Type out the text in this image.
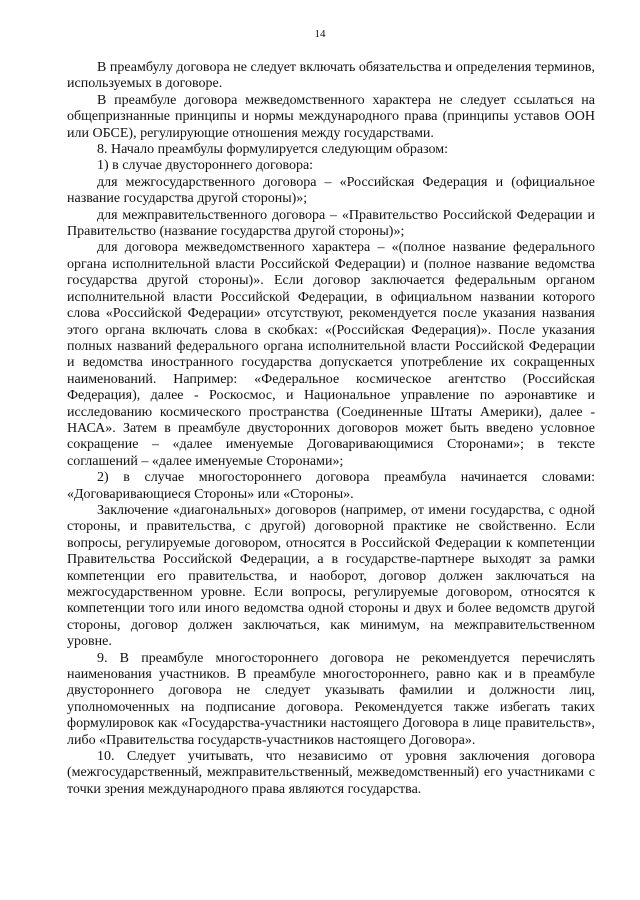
14

В преамбулу договора не следует включать обязательства и определения терминов, используемых в договоре.

В преамбуле договора межведомственного характера не следует ссылаться на общепризнанные принципы и нормы международного права (принципы уставов ООН или ОБСЕ), регулирующие отношения между государствами.

8. Начало преамбулы формулируется следующим образом:

1) в случае двустороннего договора:

для межгосударственного договора – «Российская Федерация и (официальное название государства другой стороны)»;

для межправительственного договора – «Правительство Российской Федерации и Правительство (название государства другой стороны)»;

для договора межведомственного характера – «(полное название федерального органа исполнительной власти Российской Федерации) и (полное название ведомства государства другой стороны)». Если договор заключается федеральным органом исполнительной власти Российской Федерации, в официальном названии которого слова «Российской Федерации» отсутствуют, рекомендуется после указания названия этого органа включать слова в скобках: «(Российская Федерация)». После указания полных названий федерального органа исполнительной власти Российской Федерации и ведомства иностранного государства допускается употребление их сокращенных наименований. Например: «Федеральное космическое агентство (Российская Федерация), далее - Роскосмос, и Национальное управление по аэронавтике и исследованию космического пространства (Соединенные Штаты Америки), далее - НАСА». Затем в преамбуле двусторонних договоров может быть введено условное сокращение – «далее именуемые Договаривающимися Сторонами»; в тексте соглашений – «далее именуемые Сторонами»;

2) в случае многостороннего договора преамбула начинается словами: «Договаривающиеся Стороны» или «Стороны».

Заключение «диагональных» договоров (например, от имени государства, с одной стороны, и правительства, с другой) договорной практике не свойственно. Если вопросы, регулируемые договором, относятся в Российской Федерации к компетенции Правительства Российской Федерации, а в государстве-партнере выходят за рамки компетенции его правительства, и наоборот, договор должен заключаться на межгосударственном уровне. Если вопросы, регулируемые договором, относятся к компетенции того или иного ведомства одной стороны и двух и более ведомств другой стороны, договор должен заключаться, как минимум, на межправительственном уровне.

9. В преамбуле многостороннего договора не рекомендуется перечислять наименования участников. В преамбуле многостороннего, равно как и в преамбуле двустороннего договора не следует указывать фамилии и должности лиц, уполномоченных на подписание договора. Рекомендуется также избегать таких формулировок как «Государства-участники настоящего Договора в лице правительств», либо «Правительства государств-участников настоящего Договора».

10. Следует учитывать, что независимо от уровня заключения договора (межгосударственный, межправительственный, межведомственный) его участниками с точки зрения международного права являются государства.
